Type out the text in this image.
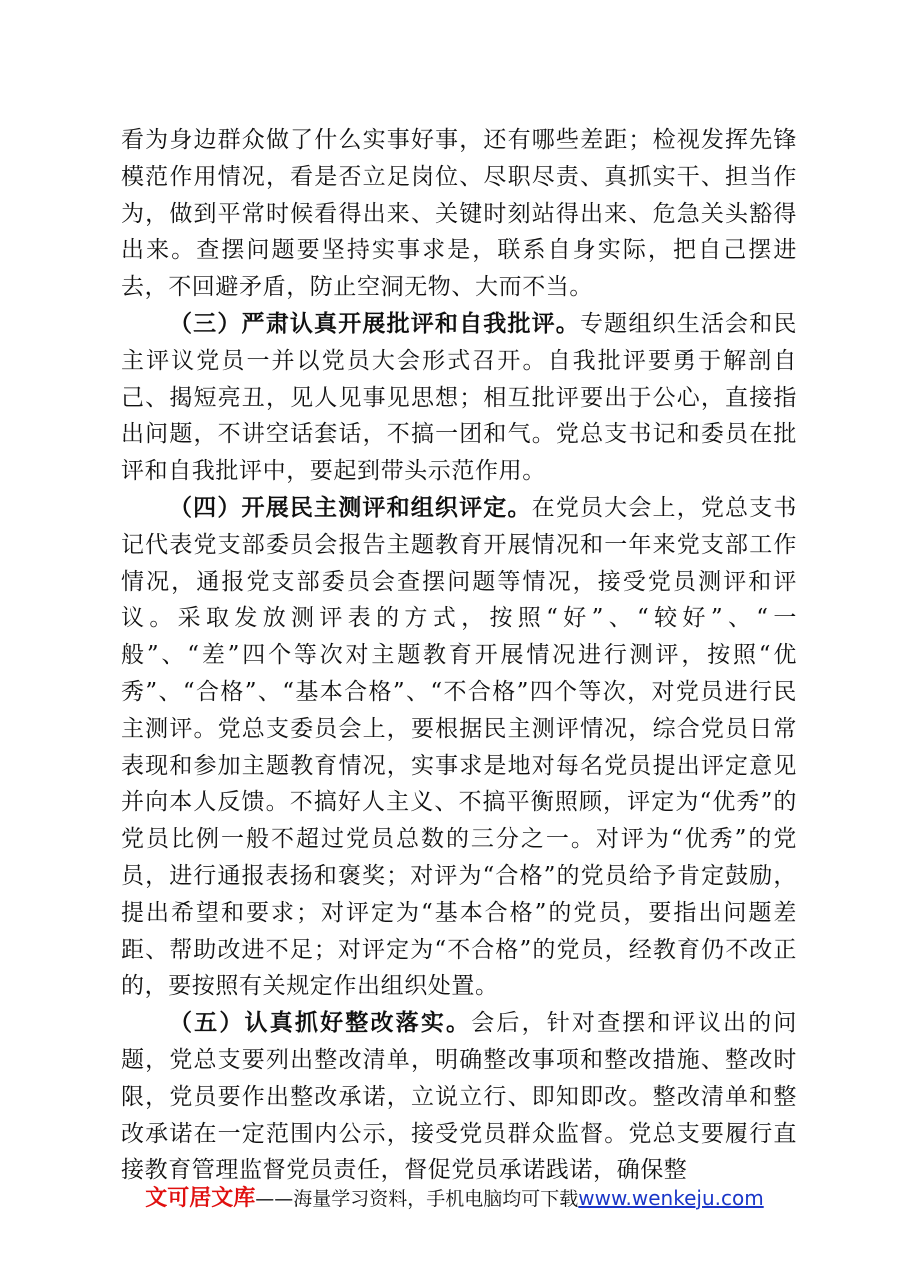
看为身边群众做了什么实事好事，还有哪些差距；检视发挥先锋模范作用情况，看是否立足岗位、尽职尽责、真抓实干、担当作为，做到平常时候看得出来、关键时刻站得出来、危急关头豁得出来。查摆问题要坚持实事求是，联系自身实际，把自己摆进去，不回避矛盾，防止空洞无物、大而不当。

（三）严肃认真开展批评和自我批评。专题组织生活会和民主评议党员一并以党员大会形式召开。自我批评要勇于解剖自己、揭短亮丑，见人见事见思想；相互批评要出于公心，直接指出问题，不讲空话套话，不搞一团和气。党总支书记和委员在批评和自我批评中，要起到带头示范作用。

（四）开展民主测评和组织评定。在党员大会上，党总支书记代表党支部委员会报告主题教育开展情况和一年来党支部工作情况，通报党支部委员会查摆问题等情况，接受党员测评和评议。采取发放测评表的方式，按照“好”、“较好”、“一般”、“差”四个等次对主题教育开展情况进行测评，按照“优秀”、“合格”、“基本合格”、“不合格”四个等次，对党员进行民主测评。党总支委员会上，要根据民主测评情况，综合党员日常表现和参加主题教育情况，实事求是地对每名党员提出评定意见并向本人反馈。不搞好人主义、不搞平衡照顾，评定为“优秀”的党员比例一般不超过党员总数的三分之一。对评为“优秀”的党员，进行通报表扬和褒奖；对评为“合格”的党员给予肯定鼓励，提出希望和要求；对评定为“基本合格”的党员，要指出问题差距、帮助改进不足；对评定为“不合格”的党员，经教育仍不改正的，要按照有关规定作出组织处置。

（五）认真抓好整改落实。会后，针对查摆和评议出的问题，党总支要列出整改清单，明确整改事项和整改措施、整改时限，党员要作出整改承诺，立说立行、即知即改。整改清单和整改承诺在一定范围内公示，接受党员群众监督。党总支要履行直接教育管理监督党员责任，督促党员承诺践诺，确保整

文可居文库——海量学习资料，手机电脑均可下载www.wenkeju.com
